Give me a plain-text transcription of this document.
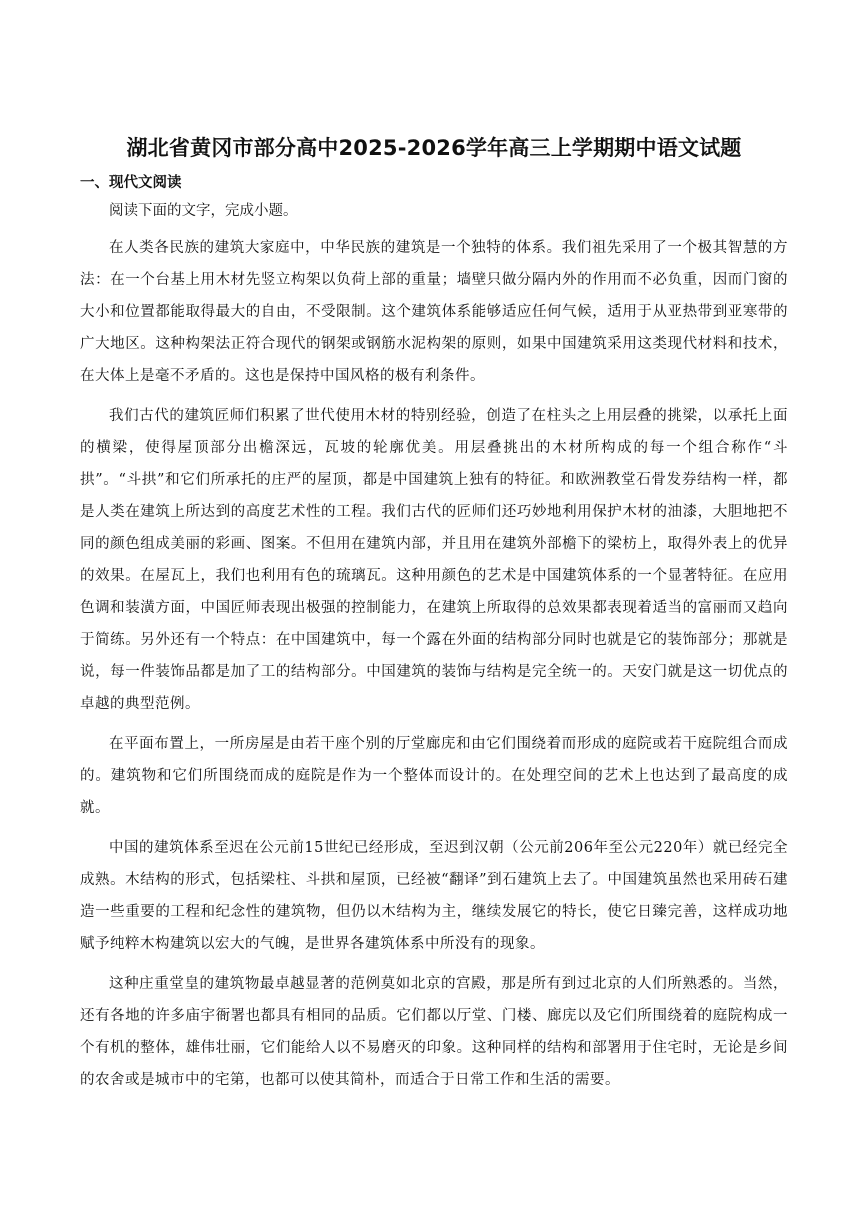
湖北省黄冈市部分高中2025-2026学年高三上学期期中语文试题
一、现代文阅读

阅读下面的文字，完成小题。

在人类各民族的建筑大家庭中，中华民族的建筑是一个独特的体系。我们祖先采用了一个极其智慧的方法：在一个台基上用木材先竖立构架以负荷上部的重量；墙壁只做分隔内外的作用而不必负重，因而门窗的大小和位置都能取得最大的自由，不受限制。这个建筑体系能够适应任何气候，适用于从亚热带到亚寒带的广大地区。这种构架法正符合现代的钢架或钢筋水泥构架的原则，如果中国建筑采用这类现代材料和技术，在大体上是毫不矛盾的。这也是保持中国风格的极有利条件。

我们古代的建筑匠师们积累了世代使用木材的特别经验，创造了在柱头之上用层叠的挑梁，以承托上面的横梁，使得屋顶部分出檐深远，瓦坡的轮廓优美。用层叠挑出的木材所构成的每一个组合称作“斗拱”。“斗拱”和它们所承托的庄严的屋顶，都是中国建筑上独有的特征。和欧洲教堂石骨发券结构一样，都是人类在建筑上所达到的高度艺术性的工程。我们古代的匠师们还巧妙地利用保护木材的油漆，大胆地把不同的颜色组成美丽的彩画、图案。不但用在建筑内部，并且用在建筑外部檐下的梁枋上，取得外表上的优异的效果。在屋瓦上，我们也利用有色的琉璃瓦。这种用颜色的艺术是中国建筑体系的一个显著特征。在应用色调和装潢方面，中国匠师表现出极强的控制能力，在建筑上所取得的总效果都表现着适当的富丽而又趋向于简练。另外还有一个特点：在中国建筑中，每一个露在外面的结构部分同时也就是它的装饰部分；那就是说，每一件装饰品都是加了工的结构部分。中国建筑的装饰与结构是完全统一的。天安门就是这一切优点的卓越的典型范例。

在平面布置上，一所房屋是由若干座个别的厅堂廊庑和由它们围绕着而形成的庭院或若干庭院组合而成的。建筑物和它们所围绕而成的庭院是作为一个整体而设计的。在处理空间的艺术上也达到了最高度的成就。

中国的建筑体系至迟在公元前15世纪已经形成，至迟到汉朝（公元前206年至公元220年）就已经完全成熟。木结构的形式，包括梁柱、斗拱和屋顶，已经被“翻译”到石建筑上去了。中国建筑虽然也采用砖石建造一些重要的工程和纪念性的建筑物，但仍以木结构为主，继续发展它的特长，使它日臻完善，这样成功地赋予纯粹木构建筑以宏大的气魄，是世界各建筑体系中所没有的现象。

这种庄重堂皇的建筑物最卓越显著的范例莫如北京的宫殿，那是所有到过北京的人们所熟悉的。当然，还有各地的许多庙宇衙署也都具有相同的品质。它们都以厅堂、门楼、廊庑以及它们所围绕着的庭院构成一个有机的整体，雄伟壮丽，它们能给人以不易磨灭的印象。这种同样的结构和部署用于住宅时，无论是乡间的农舍或是城市中的宅第，也都可以使其简朴，而适合于日常工作和生活的需要。
